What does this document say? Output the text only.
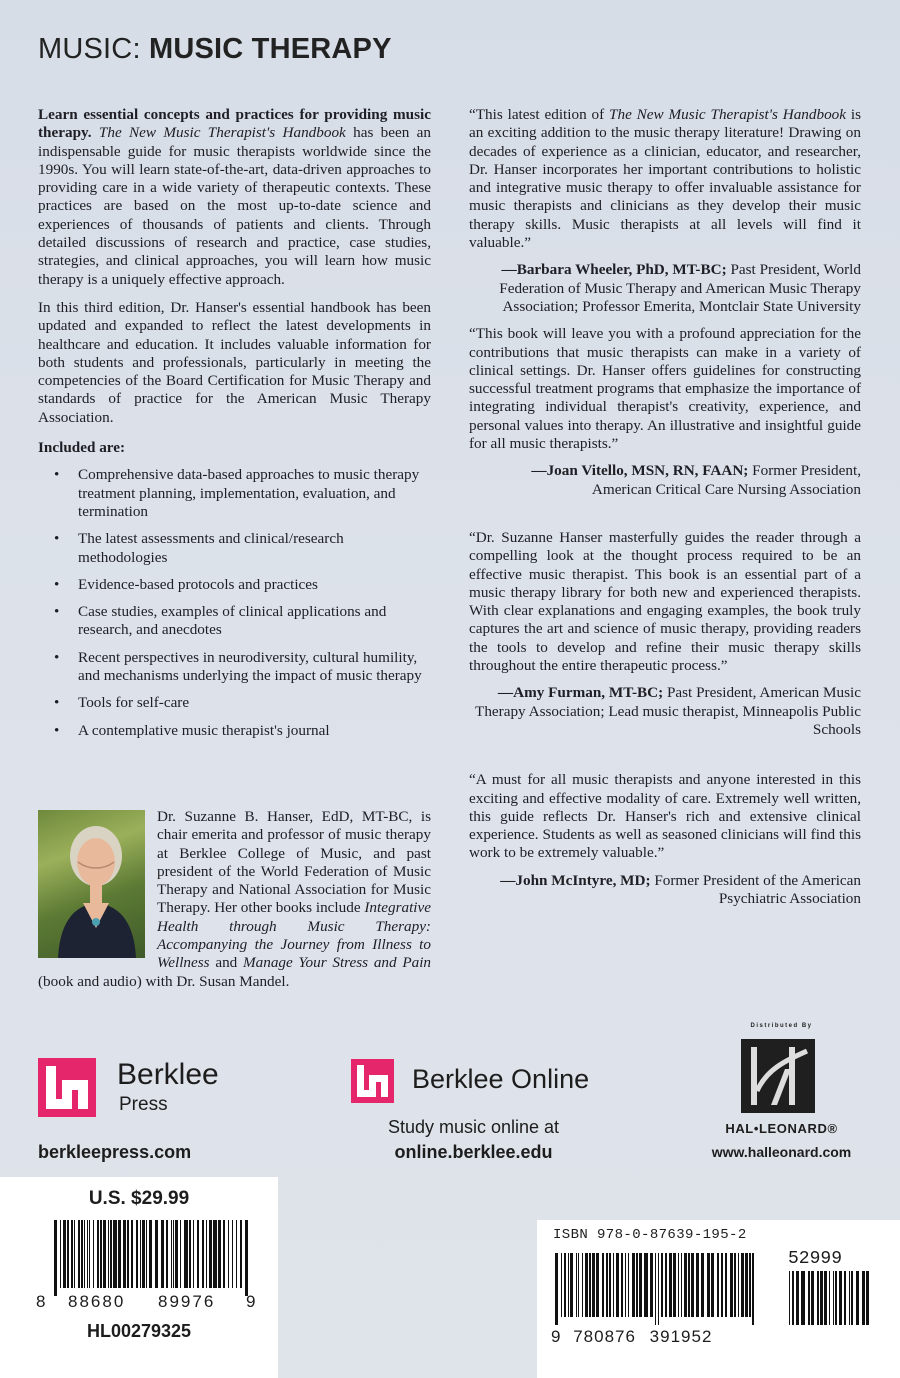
MUSIC: MUSIC THERAPY

Learn essential concepts and practices for providing music therapy. The New Music Therapist's Handbook has been an indispensable guide for music therapists worldwide since the 1990s. You will learn state-of-the-art, data-driven approaches to providing care in a wide variety of therapeutic contexts. These practices are based on the most up-to-date science and experiences of thousands of patients and clients. Through detailed discussions of research and practice, case studies, strategies, and clinical approaches, you will learn how music therapy is a uniquely effective approach.

In this third edition, Dr. Hanser's essential handbook has been updated and expanded to reflect the latest developments in healthcare and education. It includes valuable information for both students and professionals, particularly in meeting the competencies of the Board Certification for Music Therapy and standards of practice for the American Music Therapy Association.

Included are:

• Comprehensive data-based approaches to music therapy treatment planning, implementation, evaluation, and termination
• The latest assessments and clinical/research methodologies
• Evidence-based protocols and practices
• Case studies, examples of clinical applications and research, and anecdotes
• Recent perspectives in neurodiversity, cultural humility, and mechanisms underlying the impact of music therapy
• Tools for self-care
• A contemplative music therapist's journal
Dr. Suzanne B. Hanser, EdD, MT-BC, is chair emerita and professor of music therapy at Berklee College of Music, and past president of the World Federation of Music Therapy and National Association for Music Therapy. Her other books include Integrative Health through Music Therapy: Accompanying the Journey from Illness to Wellness and Manage Your Stress and Pain (book and audio) with Dr. Susan Mandel.

“This latest edition of The New Music Therapist's Handbook is an exciting addition to the music therapy literature! Drawing on decades of experience as a clinician, educator, and researcher, Dr. Hanser incorporates her important contributions to holistic and integrative music therapy to offer invaluable assistance for music therapists and clinicians as they develop their music therapy skills. Music therapists at all levels will find it valuable.”

—Barbara Wheeler, PhD, MT-BC; Past President, World Federation of Music Therapy and American Music Therapy Association; Professor Emerita, Montclair State University

“This book will leave you with a profound appreciation for the contributions that music therapists can make in a variety of clinical settings. Dr. Hanser offers guidelines for constructing successful treatment programs that emphasize the importance of integrating individual therapist's creativity, experience, and personal values into therapy. An illustrative and insightful guide for all music therapists.”

—Joan Vitello, MSN, RN, FAAN; Former President, American Critical Care Nursing Association

“Dr. Suzanne Hanser masterfully guides the reader through a compelling look at the thought process required to be an effective music therapist. This book is an essential part of a music therapy library for both new and experienced therapists. With clear explanations and engaging examples, the book truly captures the art and science of music therapy, providing readers the tools to develop and refine their music therapy skills throughout the entire therapeutic process.”

—Amy Furman, MT-BC; Past President, American Music Therapy Association; Lead music therapist, Minneapolis Public Schools

“A must for all music therapists and anyone interested in this exciting and effective modality of care. Extremely well written, this guide reflects Dr. Hanser's rich and extensive clinical experience. Students as well as seasoned clinicians will find this work to be extremely valuable.”

—John McIntyre, MD; Former President of the American Psychiatric Association

Berklee
Press
berkleepress.com
Berklee Online
Study music online at
online.berklee.edu
Distributed By
HAL•LEONARD®
www.halleonard.com
U.S. $29.99
8 88680 89976 9
HL00279325
ISBN 978-0-87639-195-2
52999
9 780876 391952
